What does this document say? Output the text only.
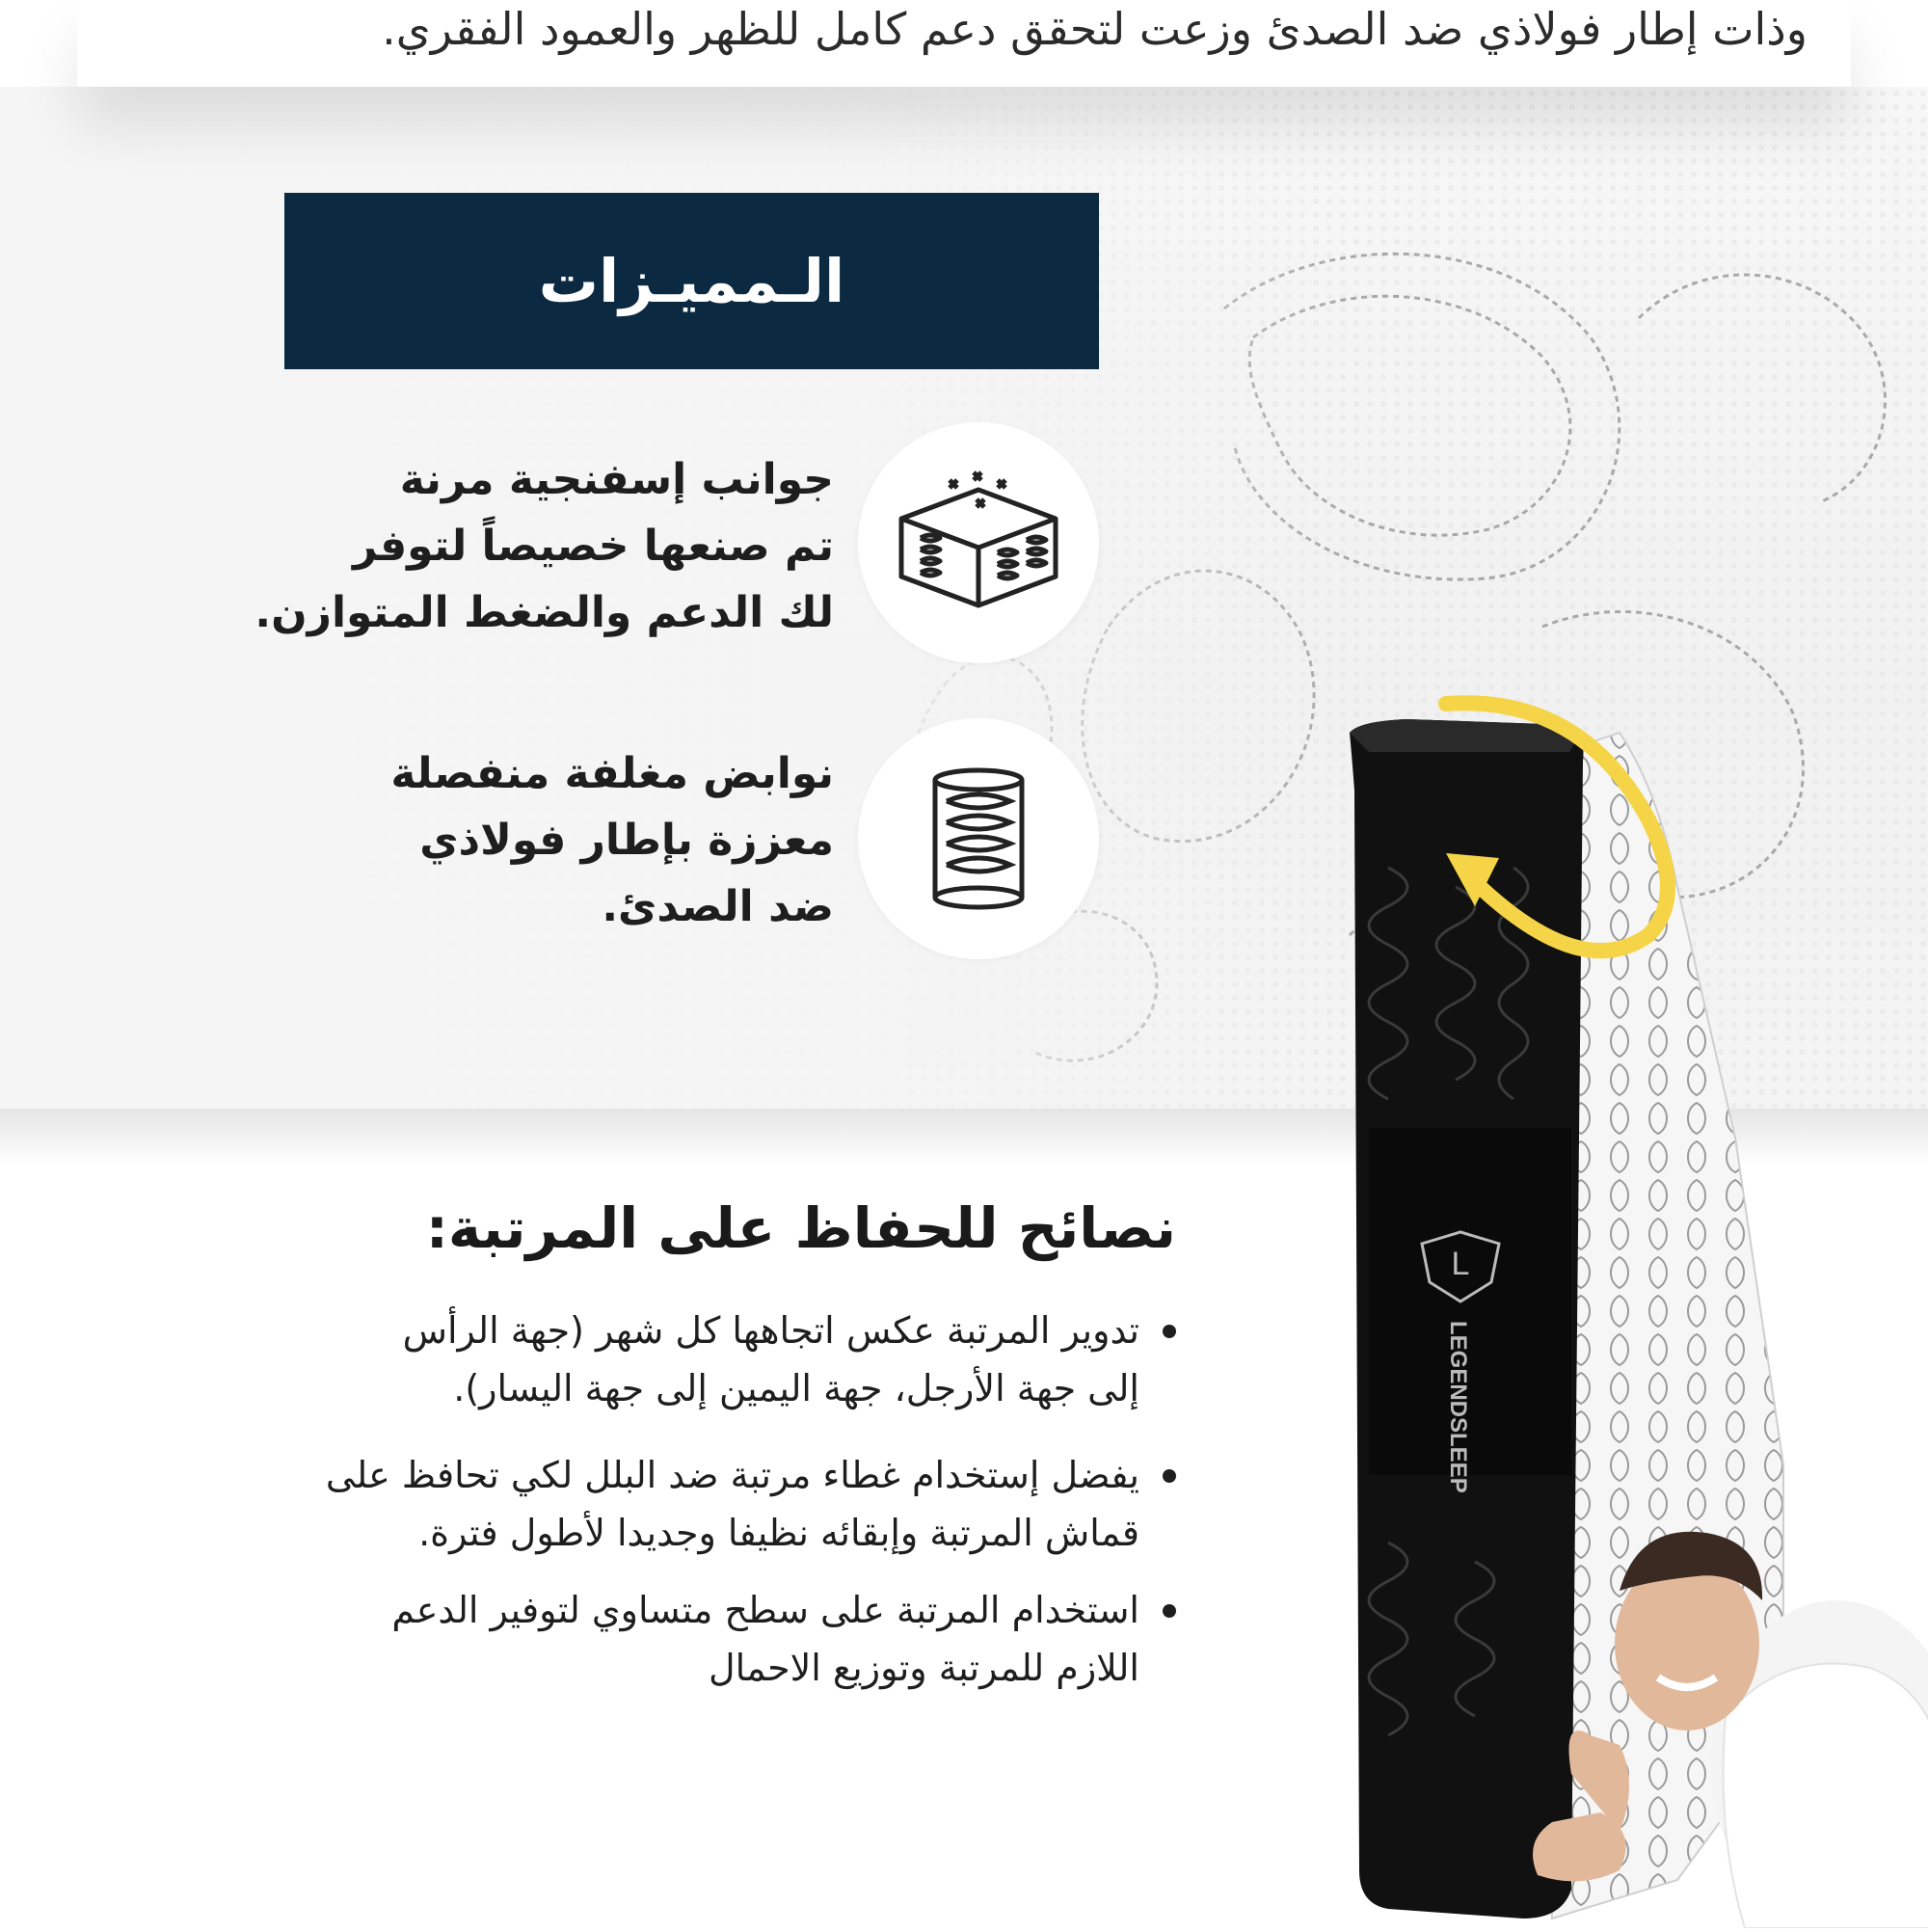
وذات إطار فولاذي ضد الصدئ وزعت لتحقق دعم كامل للظهر والعمود الفقري.
الـمميـزات
جوانب إسفنجية مرنة
تم صنعها خصيصاً لتوفر
لك الدعم والضغط المتوازن.
نوابض مغلفة منفصلة
معززة بإطار فولاذي
ضد الصدئ.
نصائح للحفاظ على المرتبة:
تدوير المرتبة عكس اتجاهها كل شهر (جهة الرأس
إلى جهة الأرجل، جهة اليمين إلى جهة اليسار).
يفضل إستخدام غطاء مرتبة ضد البلل لكي تحافظ على
قماش المرتبة وإبقائه نظيفا وجديدا لأطول فترة.
استخدام المرتبة على سطح متساوي لتوفير الدعم
اللازم للمرتبة وتوزيع الاحمال
L
LEGENDSLEEP
